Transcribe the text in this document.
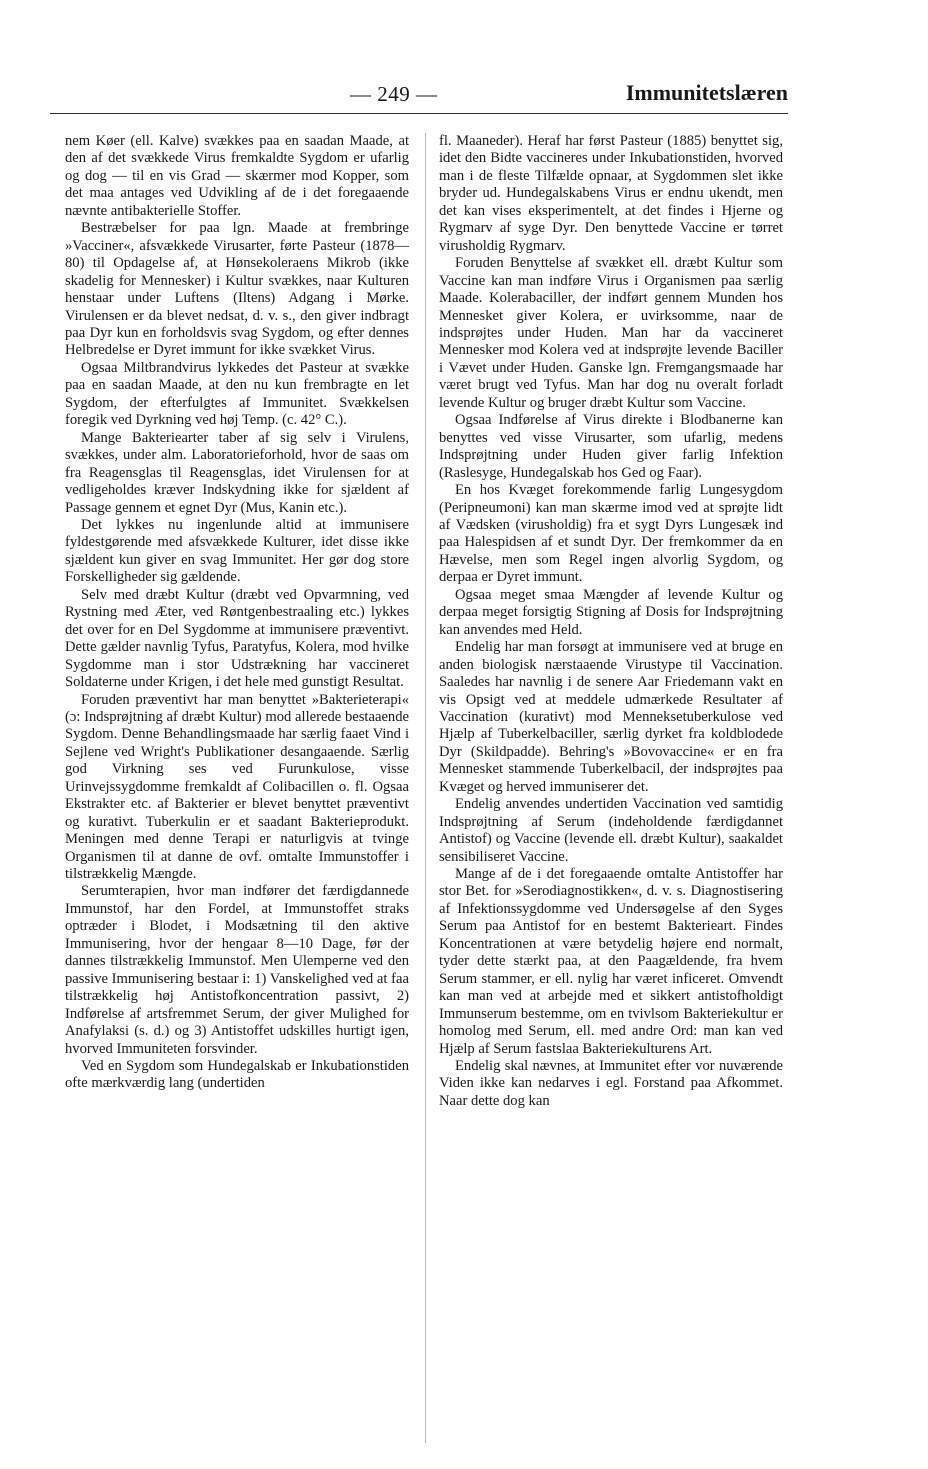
— 249 —	Immunitetslæren

nem Køer (ell. Kalve) svækkes paa en saadan Maade, at den af det svækkede Virus fremkaldte Sygdom er ufarlig og dog — til en vis Grad — skærmer mod Kopper, som det maa antages ved Udvikling af de i det foregaaende nævnte antibakterielle Stoffer.

Bestræbelser for paa lgn. Maade at frembringe »Vacciner«, afsvækkede Virusarter, førte Pasteur (1878—80) til Opdagelse af, at Hønsekoleraens Mikrob (ikke skadelig for Mennesker) i Kultur svækkes, naar Kulturen henstaar under Luftens (Iltens) Adgang i Mørke. Virulensen er da blevet nedsat, d. v. s., den giver indbragt paa Dyr kun en forholdsvis svag Sygdom, og efter dennes Helbredelse er Dyret immunt for ikke svækket Virus.

Ogsaa Miltbrandvirus lykkedes det Pasteur at svække paa en saadan Maade, at den nu kun frembragte en let Sygdom, der efterfulgtes af Immunitet. Svækkelsen foregik ved Dyrkning ved høj Temp. (c. 42° C.).

Mange Bakteriearter taber af sig selv i Virulens, svækkes, under alm. Laboratorieforhold, hvor de saas om fra Reagensglas til Reagensglas, idet Virulensen for at vedligeholdes kræver Indskydning ikke for sjældent af Passage gennem et egnet Dyr (Mus, Kanin etc.).

Det lykkes nu ingenlunde altid at immunisere fyldestgørende med afsvækkede Kulturer, idet disse ikke sjældent kun giver en svag Immunitet. Her gør dog store Forskelligheder sig gældende.

Selv med dræbt Kultur (dræbt ved Opvarmning, ved Rystning med Æter, ved Røntgenbestraaling etc.) lykkes det over for en Del Sygdomme at immunisere præventivt. Dette gælder navnlig Tyfus, Paratyfus, Kolera, mod hvilke Sygdomme man i stor Udstrækning har vaccineret Soldaterne under Krigen, i det hele med gunstigt Resultat.

Foruden præventivt har man benyttet »Bakterieterapi« (ɔ: Indsprøjtning af dræbt Kultur) mod allerede bestaaende Sygdom. Denne Behandlingsmaade har særlig faaet Vind i Sejlene ved Wright's Publikationer desangaaende. Særlig god Virkning ses ved Furunkulose, visse Urinvejssygdomme fremkaldt af Colibacillen o. fl. Ogsaa Ekstrakter etc. af Bakterier er blevet benyttet præventivt og kurativt. Tuberkulin er et saadant Bakterieprodukt. Meningen med denne Terapi er naturligvis at tvinge Organismen til at danne de ovf. omtalte Immunstoffer i tilstrækkelig Mængde.

Serumterapien, hvor man indfører det færdigdannede Immunstof, har den Fordel, at Immunstoffet straks optræder i Blodet, i Modsætning til den aktive Immunisering, hvor der hengaar 8—10 Dage, før der dannes tilstrækkelig Immunstof. Men Ulemperne ved den passive Immunisering bestaar i: 1) Vanskelighed ved at faa tilstrækkelig høj Antistofkoncentration passivt, 2) Indførelse af artsfremmet Serum, der giver Mulighed for Anafylaksi (s. d.) og 3) Antistoffet udskilles hurtigt igen, hvorved Immuniteten forsvinder.

Ved en Sygdom som Hundegalskab er Inkubationstiden ofte mærkværdig lang (undertiden

fl. Maaneder). Heraf har først Pasteur (1885) benyttet sig, idet den Bidte vaccineres under Inkubationstiden, hvorved man i de fleste Tilfælde opnaar, at Sygdommen slet ikke bryder ud. Hundegalskabens Virus er endnu ukendt, men det kan vises eksperimentelt, at det findes i Hjerne og Rygmarv af syge Dyr. Den benyttede Vaccine er tørret virusholdig Rygmarv.

Foruden Benyttelse af svækket ell. dræbt Kultur som Vaccine kan man indføre Virus i Organismen paa særlig Maade. Kolerabaciller, der indført gennem Munden hos Mennesket giver Kolera, er uvirksomme, naar de indsprøjtes under Huden. Man har da vaccineret Mennesker mod Kolera ved at indsprøjte levende Baciller i Vævet under Huden. Ganske lgn. Fremgangsmaade har været brugt ved Tyfus. Man har dog nu overalt forladt levende Kultur og bruger dræbt Kultur som Vaccine.

Ogsaa Indførelse af Virus direkte i Blodbanerne kan benyttes ved visse Virusarter, som ufarlig, medens Indsprøjtning under Huden giver farlig Infektion (Raslesyge, Hundegalskab hos Ged og Faar).

En hos Kvæget forekommende farlig Lungesygdom (Peripneumoni) kan man skærme imod ved at sprøjte lidt af Vædsken (virusholdig) fra et sygt Dyrs Lungesæk ind paa Halespidsen af et sundt Dyr. Der fremkommer da en Hævelse, men som Regel ingen alvorlig Sygdom, og derpaa er Dyret immunt.

Ogsaa meget smaa Mængder af levende Kultur og derpaa meget forsigtig Stigning af Dosis for Indsprøjtning kan anvendes med Held.

Endelig har man forsøgt at immunisere ved at bruge en anden biologisk nærstaaende Virustype til Vaccination. Saaledes har navnlig i de senere Aar Friedemann vakt en vis Opsigt ved at meddele udmærkede Resultater af Vaccination (kurativt) mod Menneksetuberkulose ved Hjælp af Tuberkelbaciller, særlig dyrket fra koldblodede Dyr (Skildpadde). Behring's »Bovovaccine« er en fra Mennesket stammende Tuberkelbacil, der indsprøjtes paa Kvæget og herved immuniserer det.

Endelig anvendes undertiden Vaccination ved samtidig Indsprøjtning af Serum (indeholdende færdigdannet Antistof) og Vaccine (levende ell. dræbt Kultur), saakaldet sensibiliseret Vaccine.

Mange af de i det foregaaende omtalte Antistoffer har stor Bet. for »Serodiagnostikken«, d. v. s. Diagnostisering af Infektionssygdomme ved Undersøgelse af den Syges Serum paa Antistof for en bestemt Bakterieart. Findes Koncentrationen at være betydelig højere end normalt, tyder dette stærkt paa, at den Paagældende, fra hvem Serum stammer, er ell. nylig har været inficeret. Omvendt kan man ved at arbejde med et sikkert antistofholdigt Immunserum bestemme, om en tvivlsom Bakteriekultur er homolog med Serum, ell. med andre Ord: man kan ved Hjælp af Serum fastslaa Bakteriekulturens Art.

Endelig skal nævnes, at Immunitet efter vor nuværende Viden ikke kan nedarves i egl. Forstand paa Afkommet. Naar dette dog kan
